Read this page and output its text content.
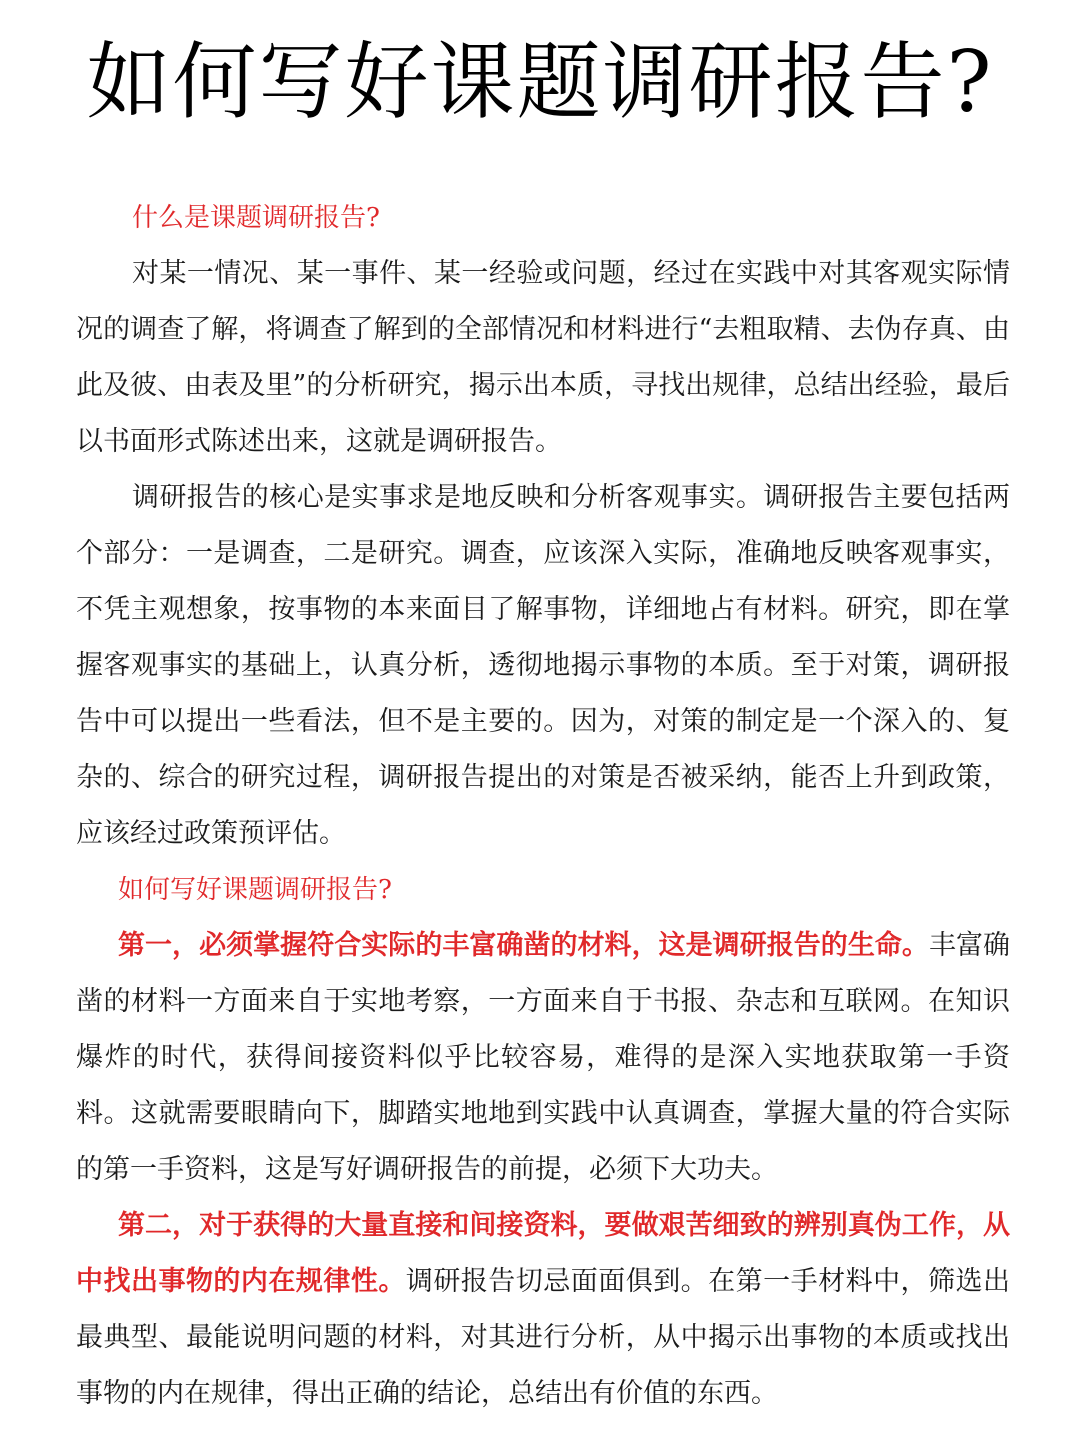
如何写好课题调研报告?
什么是课题调研报告?

对某一情况、某一事件、某一经验或问题，经过在实践中对其客观实际情况的调查了解，将调查了解到的全部情况和材料进行“去粗取精、去伪存真、由此及彼、由表及里”的分析研究，揭示出本质，寻找出规律，总结出经验，最后以书面形式陈述出来，这就是调研报告。

调研报告的核心是实事求是地反映和分析客观事实。调研报告主要包括两个部分：一是调查，二是研究。调查，应该深入实际，准确地反映客观事实，不凭主观想象，按事物的本来面目了解事物，详细地占有材料。研究，即在掌握客观事实的基础上，认真分析，透彻地揭示事物的本质。至于对策，调研报告中可以提出一些看法，但不是主要的。因为，对策的制定是一个深入的、复杂的、综合的研究过程，调研报告提出的对策是否被采纳，能否上升到政策，应该经过政策预评估。

如何写好课题调研报告?

第一，必须掌握符合实际的丰富确凿的材料，这是调研报告的生命。丰富确凿的材料一方面来自于实地考察，一方面来自于书报、杂志和互联网。在知识爆炸的时代，获得间接资料似乎比较容易，难得的是深入实地获取第一手资料。这就需要眼睛向下，脚踏实地地到实践中认真调查，掌握大量的符合实际的第一手资料，这是写好调研报告的前提，必须下大功夫。

第二，对于获得的大量直接和间接资料，要做艰苦细致的辨别真伪工作，从中找出事物的内在规律性。调研报告切忌面面俱到。在第一手材料中，筛选出最典型、最能说明问题的材料，对其进行分析，从中揭示出事物的本质或找出事物的内在规律，得出正确的结论，总结出有价值的东西。
